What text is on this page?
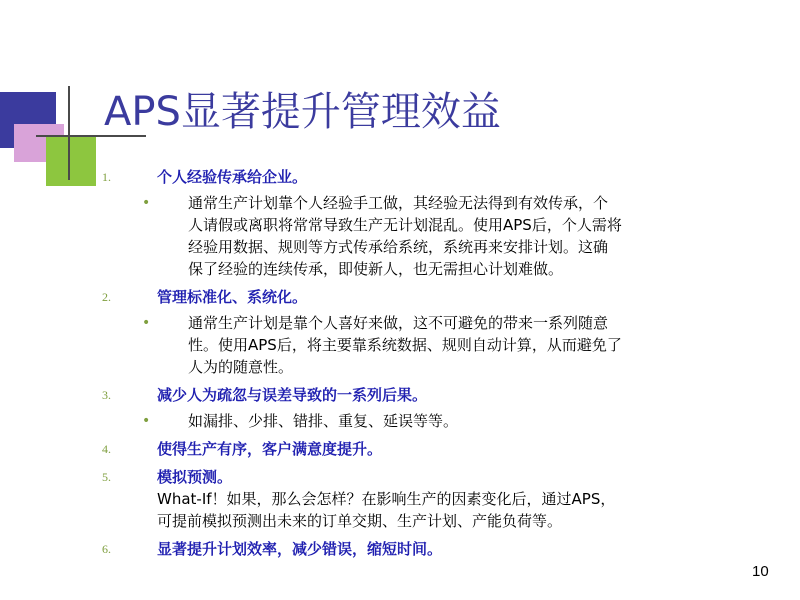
APS显著提升管理效益
1.	个人经验传承给企业。
•	通常生产计划靠个人经验手工做，其经验无法得到有效传承，个
人请假或离职将常常导致生产无计划混乱。使用APS后，个人需将
经验用数据、规则等方式传承给系统，系统再来安排计划。这确
保了经验的连续传承，即使新人，也无需担心计划难做。
2.	管理标准化、系统化。
•	通常生产计划是靠个人喜好来做，这不可避免的带来一系列随意
性。使用APS后，将主要靠系统数据、规则自动计算，从而避免了
人为的随意性。
3.	减少人为疏忽与误差导致的一系列后果。
•	如漏排、少排、错排、重复、延误等等。
4.	使得生产有序，客户满意度提升。
5.	模拟预测。
What-If！如果，那么会怎样？在影响生产的因素变化后，通过APS，
可提前模拟预测出未来的订单交期、生产计划、产能负荷等。
6.	显著提升计划效率，减少错误，缩短时间。
10
